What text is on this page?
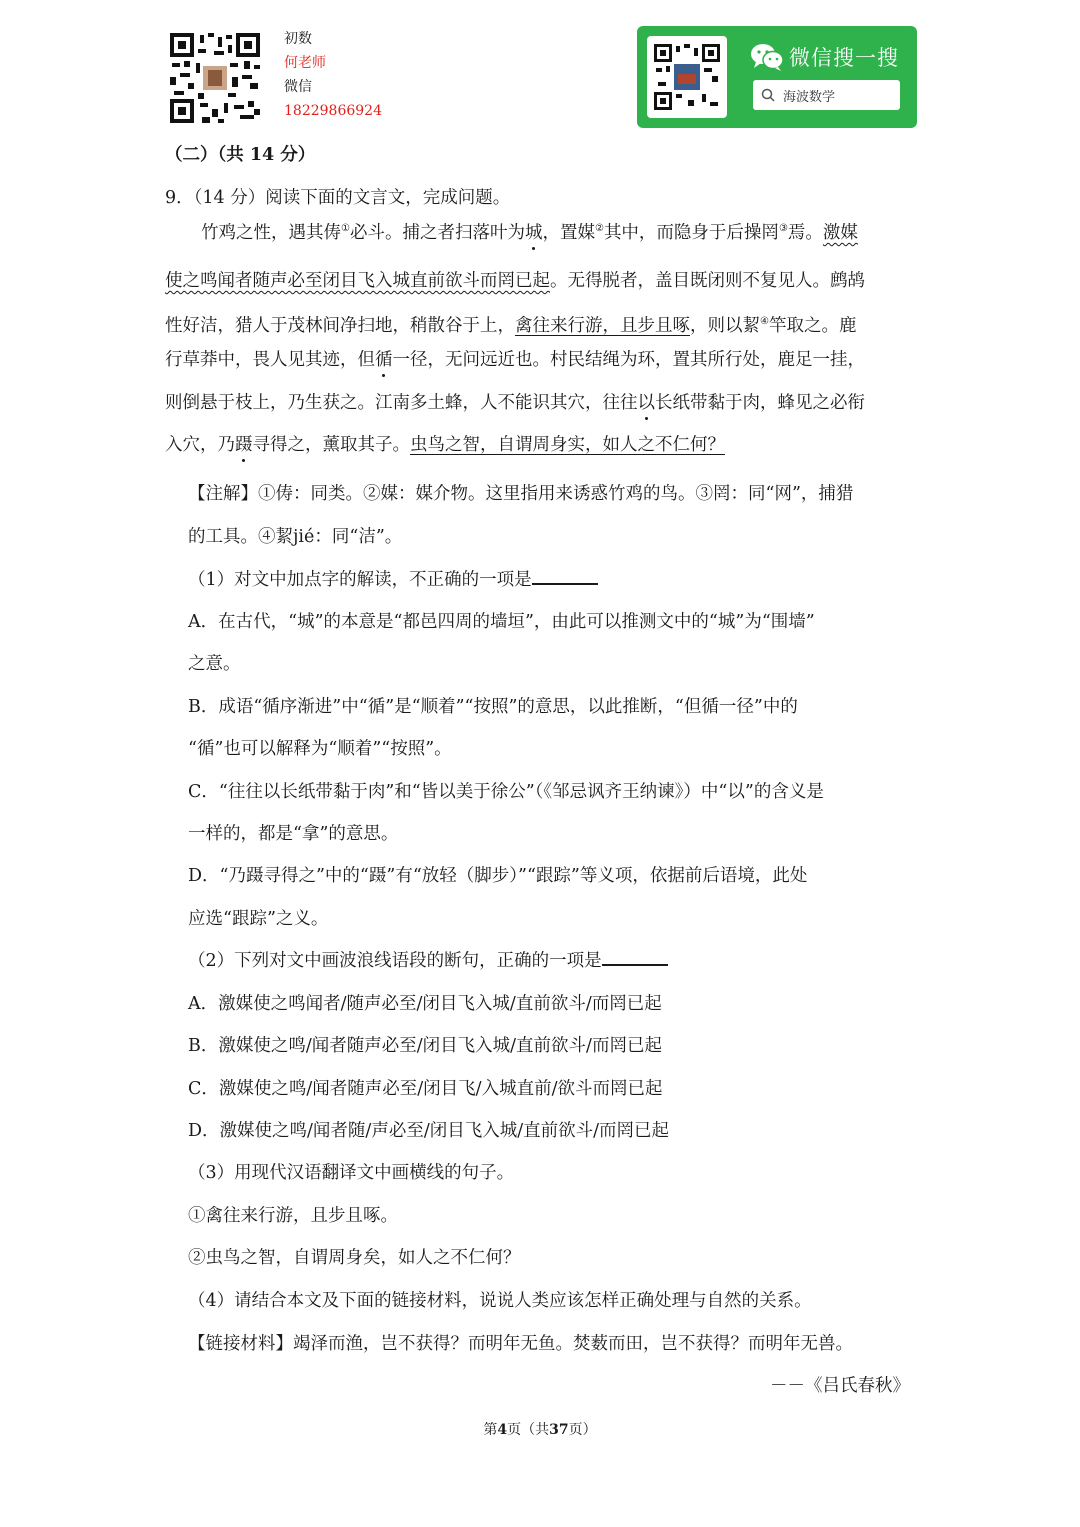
初数
何老师
微信
18229866924
微信搜一搜
海波数学
（二）（共 14 分）
9．（14 分）阅读下面的文言文，完成问题。
竹鸡之性，遇其俦①必斗。捕之者扫落叶为城，置媒②其中，而隐身于后操罔③焉。激媒
使之鸣闻者随声必至闭目飞入城直前欲斗而罔已起。无得脱者，盖目既闭则不复见人。鹧鸪
性好洁，猎人于茂林间净扫地，稍散谷于上，禽往来行游，且步且啄，则以絜④竿取之。鹿
行草莽中，畏人见其迹，但循一径，无问远近也。村民结绳为环，置其所行处，鹿足一挂，
则倒悬于枝上，乃生获之。江南多土蜂，人不能识其穴，往往以长纸带黏于肉，蜂见之必衔
入穴，乃蹑寻得之，薰取其子。虫鸟之智，自谓周身实，如人之不仁何？
【注解】①俦：同类。②媒：媒介物。这里指用来诱惑竹鸡的鸟。③罔：同“网”，捕猎
的工具。④絜jié：同“洁”。
（1）对文中加点字的解读，不正确的一项是
A．在古代，“城”的本意是“都邑四周的墙垣”，由此可以推测文中的“城”为“围墙”
之意。
B．成语“循序渐进”中“循”是“顺着”“按照”的意思，以此推断，“但循一径”中的
“循”也可以解释为“顺着”“按照”。
C．“往往以长纸带黏于肉”和“皆以美于徐公”（《邹忌讽齐王纳谏》）中“以”的含义是
一样的，都是“拿”的意思。
D．“乃蹑寻得之”中的“蹑”有“放轻（脚步）”“跟踪”等义项，依据前后语境，此处
应选“跟踪”之义。
（2）下列对文中画波浪线语段的断句，正确的一项是
A．激媒使之鸣闻者/随声必至/闭目飞入城/直前欲斗/而罔已起
B．激媒使之鸣/闻者随声必至/闭目飞入城/直前欲斗/而罔已起
C．激媒使之鸣/闻者随声必至/闭目飞/入城直前/欲斗而罔已起
D．激媒使之鸣/闻者随/声必至/闭目飞入城/直前欲斗/而罔已起
（3）用现代汉语翻译文中画横线的句子。
①禽往来行游，且步且啄。
②虫鸟之智，自谓周身矣，如人之不仁何？
（4）请结合本文及下面的链接材料，说说人类应该怎样正确处理与自然的关系。
【链接材料】竭泽而渔，岂不获得？而明年无鱼。焚薮而田，岂不获得？而明年无兽。
－－《吕氏春秋》
第4页（共37页）
